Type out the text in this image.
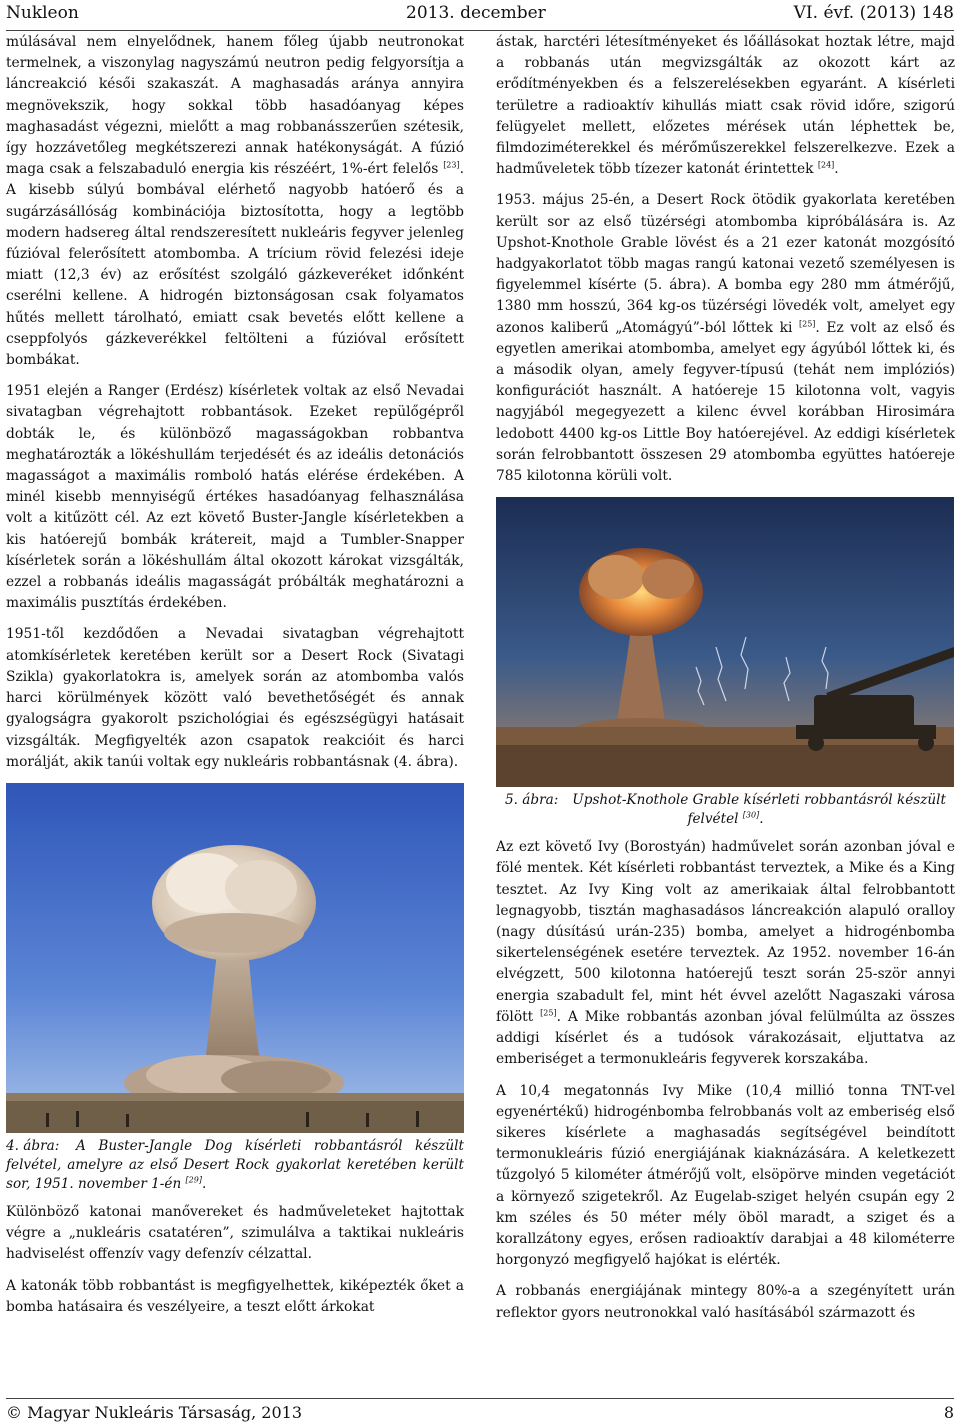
Nukleon	2013. december	VI. évf. (2013) 148

múlásával nem elnyelődnek, hanem főleg újabb neutronokat termelnek, a viszonylag nagyszámú neutron pedig felgyorsítja a láncreakció késői szakaszát. A maghasadás aránya annyira megnövekszik, hogy sokkal több hasadóanyag képes maghasadást végezni, mielőtt a mag robbanásszerűen szétesik, így hozzávetőleg megkétszerezi annak hatékonyságát. A fúzió maga csak a felszabaduló energia kis részéért, 1%-ért felelős [23]. A kisebb súlyú bombával elérhető nagyobb hatóerő és a sugárzásállóság kombinációja biztosította, hogy a legtöbb modern hadsereg által rendszeresített nukleáris fegyver jelenleg fúzióval felerősített atombomba. A trícium rövid felezési ideje miatt (12,3 év) az erősítést szolgáló gázkeveréket időnként cserélni kellene. A hidrogén biztonságosan csak folyamatos hűtés mellett tárolható, emiatt csak bevetés előtt kellene a cseppfolyós gázkeverékkel feltölteni a fúzióval erősített bombákat.

1951 elején a Ranger (Erdész) kísérletek voltak az első Nevadai sivatagban végrehajtott robbantások. Ezeket repülőgépről dobták le, és különböző magasságokban robbantva meghatározták a lökéshullám terjedését és az ideális detonációs magasságot a maximális romboló hatás elérése érdekében. A minél kisebb mennyiségű értékes hasadóanyag felhasználása volt a kitűzött cél. Az ezt követő Buster-Jangle kísérletekben a kis hatóerejű bombák krátereit, majd a Tumbler-Snapper kísérletek során a lökéshullám által okozott károkat vizsgálták, ezzel a robbanás ideális magasságát próbálták meghatározni a maximális pusztítás érdekében.

1951-től kezdődően a Nevadai sivatagban végrehajtott atomkísérletek keretében került sor a Desert Rock (Sivatagi Szikla) gyakorlatokra is, amelyek során az atombomba valós harci körülmények között való bevethetőségét és annak gyalogságra gyakorolt pszichológiai és egészségügyi hatásait vizsgálták. Megfigyelték azon csapatok reakcióit és harci morálját, akik tanúi voltak egy nukleáris robbantásnak (4. ábra).

4. ábra: A Buster-Jangle Dog kísérleti robbantásról készült felvétel, amelyre az első Desert Rock gyakorlat keretében került sor, 1951. november 1-én [29].

Különböző katonai manővereket és hadműveleteket hajtottak végre a „nukleáris csatatéren”, szimulálva a taktikai nukleáris hadviselést offenzív vagy defenzív célzattal.

A katonák több robbantást is megfigyelhettek, kiképezték őket a bomba hatásaira és veszélyeire, a teszt előtt árkokat

ástak, harctéri létesítményeket és lőállásokat hoztak létre, majd a robbanás után megvizsgálták az okozott kárt az erődítményekben és a felszerelésekben egyaránt. A kísérleti területre a radioaktív kihullás miatt csak rövid időre, szigorú felügyelet mellett, előzetes mérések után léphettek be, filmdoziméterekkel és mérőműszerekkel felszerelkezve. Ezek a hadműveletek több tízezer katonát érintettek [24].

1953. május 25-én, a Desert Rock ötödik gyakorlata keretében került sor az első tüzérségi atombomba kipróbálására is. Az Upshot-Knothole Grable lövést és a 21 ezer katonát mozgósító hadgyakorlatot több magas rangú katonai vezető személyesen is figyelemmel kísérte (5. ábra). A bomba egy 280 mm átmérőjű, 1380 mm hosszú, 364 kg-os tüzérségi lövedék volt, amelyet egy azonos kaliberű „Atomágyú”-ból lőttek ki [25]. Ez volt az első és egyetlen amerikai atombomba, amelyet egy ágyúból lőttek ki, és a második olyan, amely fegyver-típusú (tehát nem implóziós) konfigurációt használt. A hatóereje 15 kilotonna volt, vagyis nagyjából megegyezett a kilenc évvel korábban Hirosimára ledobott 4400 kg-os Little Boy hatóerejével. Az eddigi kísérletek során felrobbantott összesen 29 atombomba együttes hatóereje 785 kilotonna körüli volt.

5. ábra: Upshot-Knothole Grable kísérleti robbantásról készült felvétel [30].

Az ezt követő Ivy (Borostyán) hadművelet során azonban jóval e fölé mentek. Két kísérleti robbantást terveztek, a Mike és a King tesztet. Az Ivy King volt az amerikaiak által felrobbantott legnagyobb, tisztán maghasadásos láncreakción alapuló oralloy (nagy dúsítású urán-235) bomba, amelyet a hidrogénbomba sikertelenségének esetére terveztek. Az 1952. november 16-án elvégzett, 500 kilotonna hatóerejű teszt során 25-ször annyi energia szabadult fel, mint hét évvel azelőtt Nagaszaki városa fölött [25]. A Mike robbantás azonban jóval felülmúlta az összes addigi kísérlet és a tudósok várakozásait, eljuttatva az emberiséget a termonukleáris fegyverek korszakába.

A 10,4 megatonnás Ivy Mike (10,4 millió tonna TNT-vel egyenértékű) hidrogénbomba felrobbanás volt az emberiség első sikeres kísérlete a maghasadás segítségével beindított termonukleáris fúzió energiájának kiaknázására. A keletkezett tűzgolyó 5 kilométer átmérőjű volt, elsöpörve minden vegetációt a környező szigetekről. Az Eugelab-sziget helyén csupán egy 2 km széles és 50 méter mély öböl maradt, a sziget és a korallzátony egyes, erősen radioaktív darabjai a 48 kilométerre horgonyzó megfigyelő hajókat is elérték.

A robbanás energiájának mintegy 80%-a a szegényített urán reflektor gyors neutronokkal való hasításából származott és

© Magyar Nukleáris Társaság, 2013	8
